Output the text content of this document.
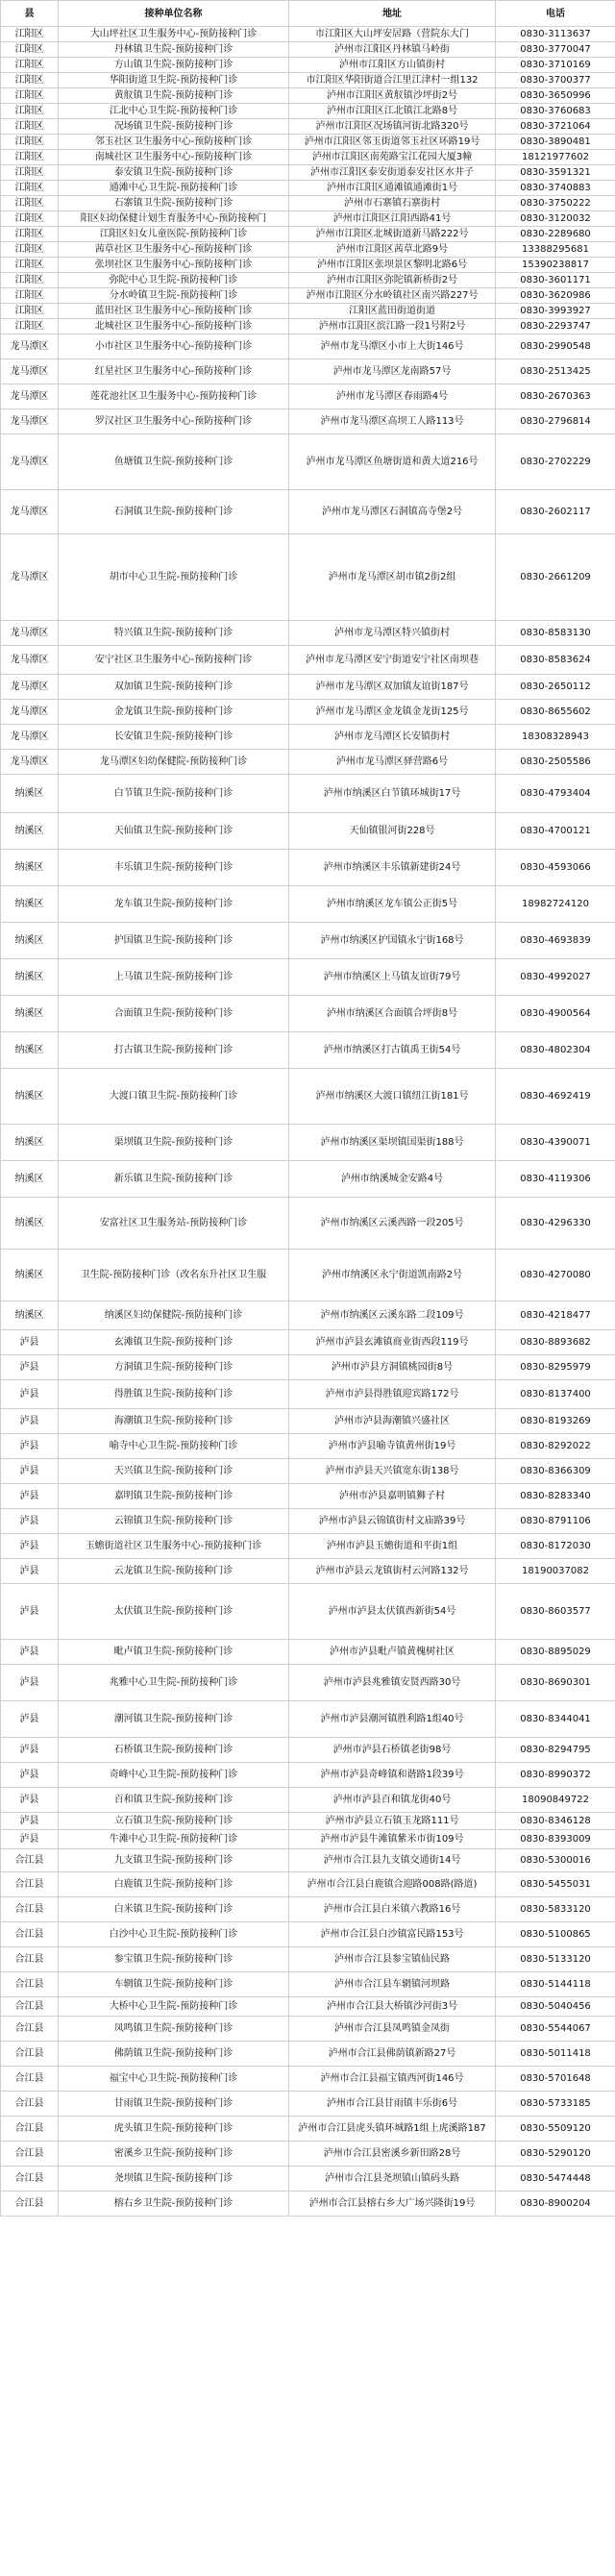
县	接种单位名称	地址	电话
江阳区	大山坪社区卫生服务中心-预防接种门诊	市江阳区大山坪安居路（营院东大门	0830-3113637
江阳区	丹林镇卫生院-预防接种门诊	泸州市江阳区丹林镇马岭街	0830-3770047
江阳区	方山镇卫生院-预防接种门诊	泸州市江阳区方山镇街村	0830-3710169
江阳区	华阳街道卫生院-预防接种门诊	市江阳区华阳街道合江里江津村一组132	0830-3700377
江阳区	黄舣镇卫生院-预防接种门诊	泸州市江阳区黄舣镇沙坪街2号	0830-3650996
江阳区	江北中心卫生院-预防接种门诊	泸州市江阳区江北镇江北路8号	0830-3760683
江阳区	况场镇卫生院-预防接种门诊	泸州市江阳区况场镇河街北路320号	0830-3721064
江阳区	邻玉社区卫生服务中心-预防接种门诊	泸州市江阳区邻玉街道邻玉社区环路19号	0830-3890481
江阳区	南城社区卫生服务中心-预防接种门诊	泸州市江阳区南苑路宝江花园大厦3幢	18121977602
江阳区	泰安镇卫生院-预防接种门诊	泸州市江阳区泰安街道泰安社区水井子	0830-3591321
江阳区	通滩中心卫生院-预防接种门诊	泸州市江阳区通滩镇通滩街1号	0830-3740883
江阳区	石寨镇卫生院-预防接种门诊	泸州市石寨镇石寨街村	0830-3750222
江阳区	阳区妇幼保健计划生育服务中心-预防接种门	泸州市江阳区江阳西路41号	0830-3120032
江阳区	江阳区妇女儿童医院-预防接种门诊	泸州市江阳区北城街道新马路222号	0830-2289680
江阳区	茜草社区卫生服务中心-预防接种门诊	泸州市江阳区茜草北路9号	13388295681
江阳区	张坝社区卫生服务中心-预防接种门诊	泸州市江阳区张坝景区黎明北路6号	15390238817
江阳区	弥陀中心卫生院-预防接种门诊	泸州市江阳区弥陀镇新桥街2号	0830-3601171
江阳区	分水岭镇卫生院-预防接种门诊	泸州市江阳区分水岭镇社区南兴路227号	0830-3620986
江阳区	蓝田社区卫生服务中心-预防接种门诊	江阳区蓝田街道街道	0830-3993927
江阳区	北城社区卫生服务中心-预防接种门诊	泸州市江阳区滨江路一段1号附2号	0830-2293747
龙马潭区	小市社区卫生服务中心-预防接种门诊	泸州市龙马潭区小市上大街146号	0830-2990548
龙马潭区	红星社区卫生服务中心-预防接种门诊	泸州市龙马潭区龙南路57号	0830-2513425
龙马潭区	莲花池社区卫生服务中心-预防接种门诊	泸州市龙马潭区春雨路4号	0830-2670363
龙马潭区	罗汉社区卫生服务中心-预防接种门诊	泸州市龙马潭区高坝工人路113号	0830-2796814
龙马潭区	鱼塘镇卫生院-预防接种门诊	泸州市龙马潭区鱼塘街道和黄大道216号	0830-2702229
龙马潭区	石洞镇卫生院-预防接种门诊	泸州市龙马潭区石洞镇高寺堡2号	0830-2602117
龙马潭区	胡市中心卫生院-预防接种门诊	泸州市龙马潭区胡市镇2街2组	0830-2661209
龙马潭区	特兴镇卫生院-预防接种门诊	泸州市龙马潭区特兴镇街村	0830-8583130
龙马潭区	安宁社区卫生服务中心-预防接种门诊	泸州市龙马潭区安宁街道安宁社区南坝巷	0830-8583624
龙马潭区	双加镇卫生院-预防接种门诊	泸州市龙马潭区双加镇友谊街187号	0830-2650112
龙马潭区	金龙镇卫生院-预防接种门诊	泸州市龙马潭区金龙镇金龙街125号	0830-8655602
龙马潭区	长安镇卫生院-预防接种门诊	泸州市龙马潭区长安镇街村	18308328943
龙马潭区	龙马潭区妇幼保健院-预防接种门诊	泸州市龙马潭区驿营路6号	0830-2505586
纳溪区	白节镇卫生院-预防接种门诊	泸州市纳溪区白节镇环城街17号	0830-4793404
纳溪区	天仙镇卫生院-预防接种门诊	天仙镇银河街228号	0830-4700121
纳溪区	丰乐镇卫生院-预防接种门诊	泸州市纳溪区丰乐镇新建街24号	0830-4593066
纳溪区	龙车镇卫生院-预防接种门诊	泸州市纳溪区龙车镇公正街5号	18982724120
纳溪区	护国镇卫生院-预防接种门诊	泸州市纳溪区护国镇永宁街168号	0830-4693839
纳溪区	上马镇卫生院-预防接种门诊	泸州市纳溪区上马镇友谊街79号	0830-4992027
纳溪区	合面镇卫生院-预防接种门诊	泸州市纳溪区合面镇合坪街8号	0830-4900564
纳溪区	打古镇卫生院-预防接种门诊	泸州市纳溪区打古镇禹王街54号	0830-4802304
纳溪区	大渡口镇卫生院-预防接种门诊	泸州市纳溪区大渡口镇纽江街181号	0830-4692419
纳溪区	渠坝镇卫生院-预防接种门诊	泸州市纳溪区渠坝镇国渠街188号	0830-4390071
纳溪区	新乐镇卫生院-预防接种门诊	泸州市纳溪城金安路4号	0830-4119306
纳溪区	安富社区卫生服务站-预防接种门诊	泸州市纳溪区云溪西路一段205号	0830-4296330
纳溪区	卫生院-预防接种门诊（改名东升社区卫生服	泸州市纳溪区永宁街道凯南路2号	0830-4270080
纳溪区	纳溪区妇幼保健院-预防接种门诊	泸州市纳溪区云溪东路二段109号	0830-4218477
泸县	玄滩镇卫生院-预防接种门诊	泸州市泸县玄滩镇商业街西段119号	0830-8893682
泸县	方洞镇卫生院-预防接种门诊	泸州市泸县方洞镇桃园街8号	0830-8295979
泸县	得胜镇卫生院-预防接种门诊	泸州市泸县得胜镇迎宾路172号	0830-8137400
泸县	海潮镇卫生院-预防接种门诊	泸州市泸县海潮镇兴盛社区	0830-8193269
泸县	喻寺中心卫生院-预防接种门诊	泸州市泸县喻寺镇黄州街19号	0830-8292022
泸县	天兴镇卫生院-预防接种门诊	泸州市泸县天兴镇宽东街138号	0830-8366309
泸县	嘉明镇卫生院-预防接种门诊	泸州市泸县嘉明镇狮子村	0830-8283340
泸县	云锦镇卫生院-预防接种门诊	泸州市泸县云锦镇街村文庙路39号	0830-8791106
泸县	玉蟾街道社区卫生服务中心-预防接种门诊	泸州市泸县玉蟾街道和平街1组	0830-8172030
泸县	云龙镇卫生院-预防接种门诊	泸州市泸县云龙镇街村云河路132号	18190037082
泸县	太伏镇卫生院-预防接种门诊	泸州市泸县太伏镇西新街54号	0830-8603577
泸县	毗卢镇卫生院-预防接种门诊	泸州市泸县毗卢镇黄槐树社区	0830-8895029
泸县	兆雅中心卫生院-预防接种门诊	泸州市泸县兆雅镇安贤西路30号	0830-8690301
泸县	潮河镇卫生院-预防接种门诊	泸州市泸县潮河镇胜利路1组40号	0830-8344041
泸县	石桥镇卫生院-预防接种门诊	泸州市泸县石桥镇老街98号	0830-8294795
泸县	奇峰中心卫生院-预防接种门诊	泸州市泸县奇峰镇和谐路1段39号	0830-8990372
泸县	百和镇卫生院-预防接种门诊	泸州市泸县百和镇龙街40号	18090849722
泸县	立石镇卫生院-预防接种门诊	泸州市泸县立石镇玉龙路111号	0830-8346128
泸县	牛滩中心卫生院-预防接种门诊	泸州市泸县牛滩镇紫米市街109号	0830-8393009
合江县	九支镇卫生院-预防接种门诊	泸州市合江县九支镇交通街14号	0830-5300016
合江县	白鹿镇卫生院-预防接种门诊	泸州市合江县白鹿镇合迎路008路(路道)	0830-5455031
合江县	白米镇卫生院-预防接种门诊	泸州市合江县白米镇六教路16号	0830-5833120
合江县	白沙中心卫生院-预防接种门诊	泸州市合江县白沙镇富民路153号	0830-5100865
合江县	参宝镇卫生院-预防接种门诊	泸州市合江县参宝镇仙民路	0830-5133120
合江县	车辋镇卫生院-预防接种门诊	泸州市合江县车辋镇河坝路	0830-5144118
合江县	大桥中心卫生院-预防接种门诊	泸州市合江县大桥镇沙河街3号	0830-5040456
合江县	凤鸣镇卫生院-预防接种门诊	泸州市合江县凤鸣镇金凤街	0830-5544067
合江县	佛荫镇卫生院-预防接种门诊	泸州市合江县佛荫镇新路27号	0830-5011418
合江县	福宝中心卫生院-预防接种门诊	泸州市合江县福宝镇西河街146号	0830-5701648
合江县	甘雨镇卫生院-预防接种门诊	泸州市合江县甘雨镇丰乐街6号	0830-5733185
合江县	虎头镇卫生院-预防接种门诊	泸州市合江县虎头镇环城路1组上虎溪路187	0830-5509120
合江县	密溪乡卫生院-预防接种门诊	泸州市合江县密溪乡新田路28号	0830-5290120
合江县	尧坝镇卫生院-预防接种门诊	泸州市合江县尧坝镇山镇码头路	0830-5474448
合江县	榕右乡卫生院-预防接种门诊	泸州市合江县榕右乡大广场兴隆街19号	0830-8900204
